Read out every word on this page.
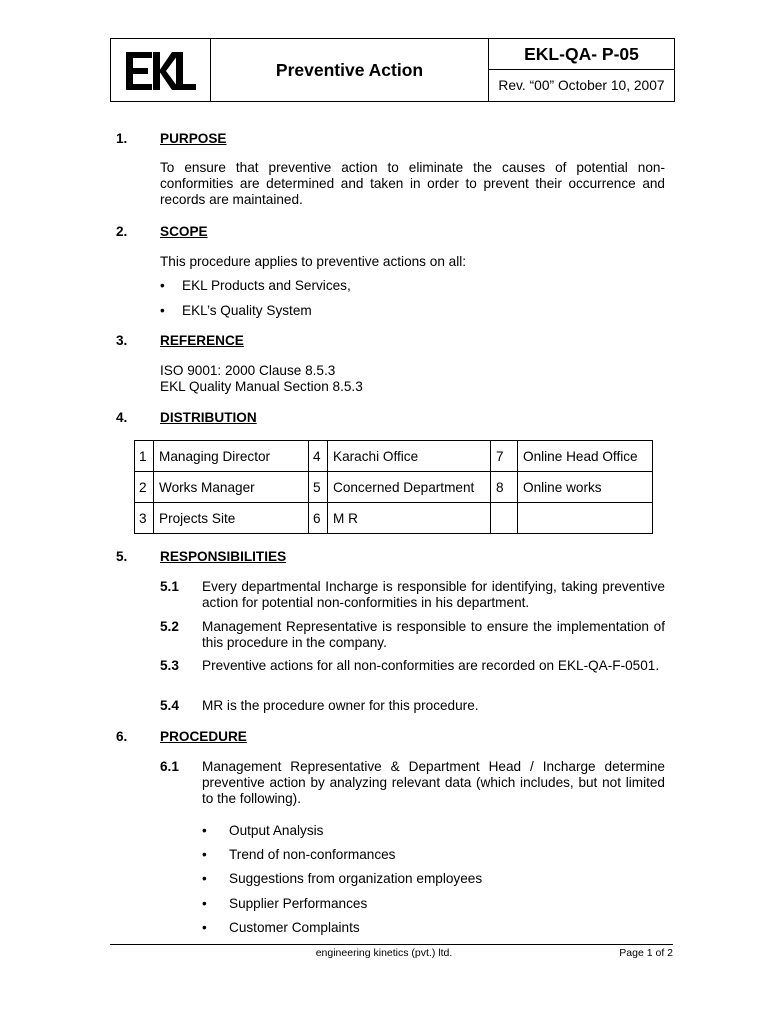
Preventive Action
EKL-QA- P-05
Rev. “00” October 10, 2007
1. PURPOSE
To ensure that preventive action to eliminate the causes of potential non-conformities are determined and taken in order to prevent their occurrence and records are maintained.
2. SCOPE
This procedure applies to preventive actions on all:
• EKL Products and Services,
• EKL’s Quality System
3. REFERENCE
ISO 9001: 2000 Clause 8.5.3
EKL Quality Manual Section 8.5.3
4. DISTRIBUTION
1	Managing Director	4	Karachi Office	7	Online Head Office
2	Works Manager	5	Concerned Department	8	Online works
3	Projects Site	6	M R		
5. RESPONSIBILITIES
5.1 Every departmental Incharge is responsible for identifying, taking preventive action for potential non-conformities in his department.
5.2 Management Representative is responsible to ensure the implementation of this procedure in the company.
5.3 Preventive actions for all non-conformities are recorded on EKL-QA-F-0501.
5.4 MR is the procedure owner for this procedure.
6. PROCEDURE
6.1 Management Representative & Department Head / Incharge determine preventive action by analyzing relevant data (which includes, but not limited to the following).
• Output Analysis
• Trend of non-conformances
• Suggestions from organization employees
• Supplier Performances
• Customer Complaints
engineering kinetics (pvt.) ltd.	Page 1 of 2
